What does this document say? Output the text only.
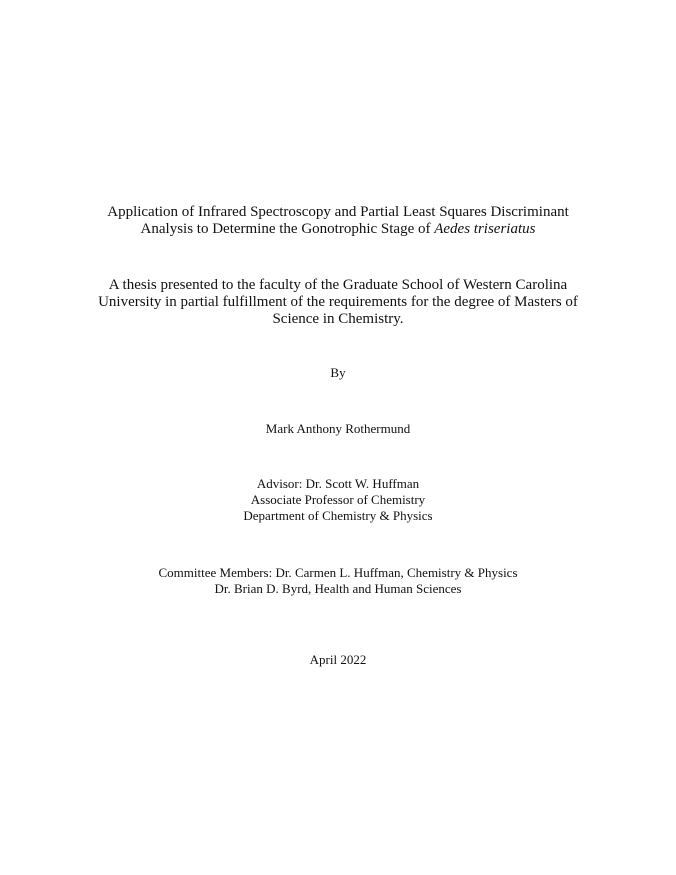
Application of Infrared Spectroscopy and Partial Least Squares Discriminant
Analysis to Determine the Gonotrophic Stage of Aedes triseriatus
A thesis presented to the faculty of the Graduate School of Western Carolina
University in partial fulfillment of the requirements for the degree of Masters of
Science in Chemistry.
By
Mark Anthony Rothermund
Advisor: Dr. Scott W. Huffman
Associate Professor of Chemistry
Department of Chemistry & Physics
Committee Members: Dr. Carmen L. Huffman, Chemistry & Physics
Dr. Brian D. Byrd, Health and Human Sciences
April 2022
